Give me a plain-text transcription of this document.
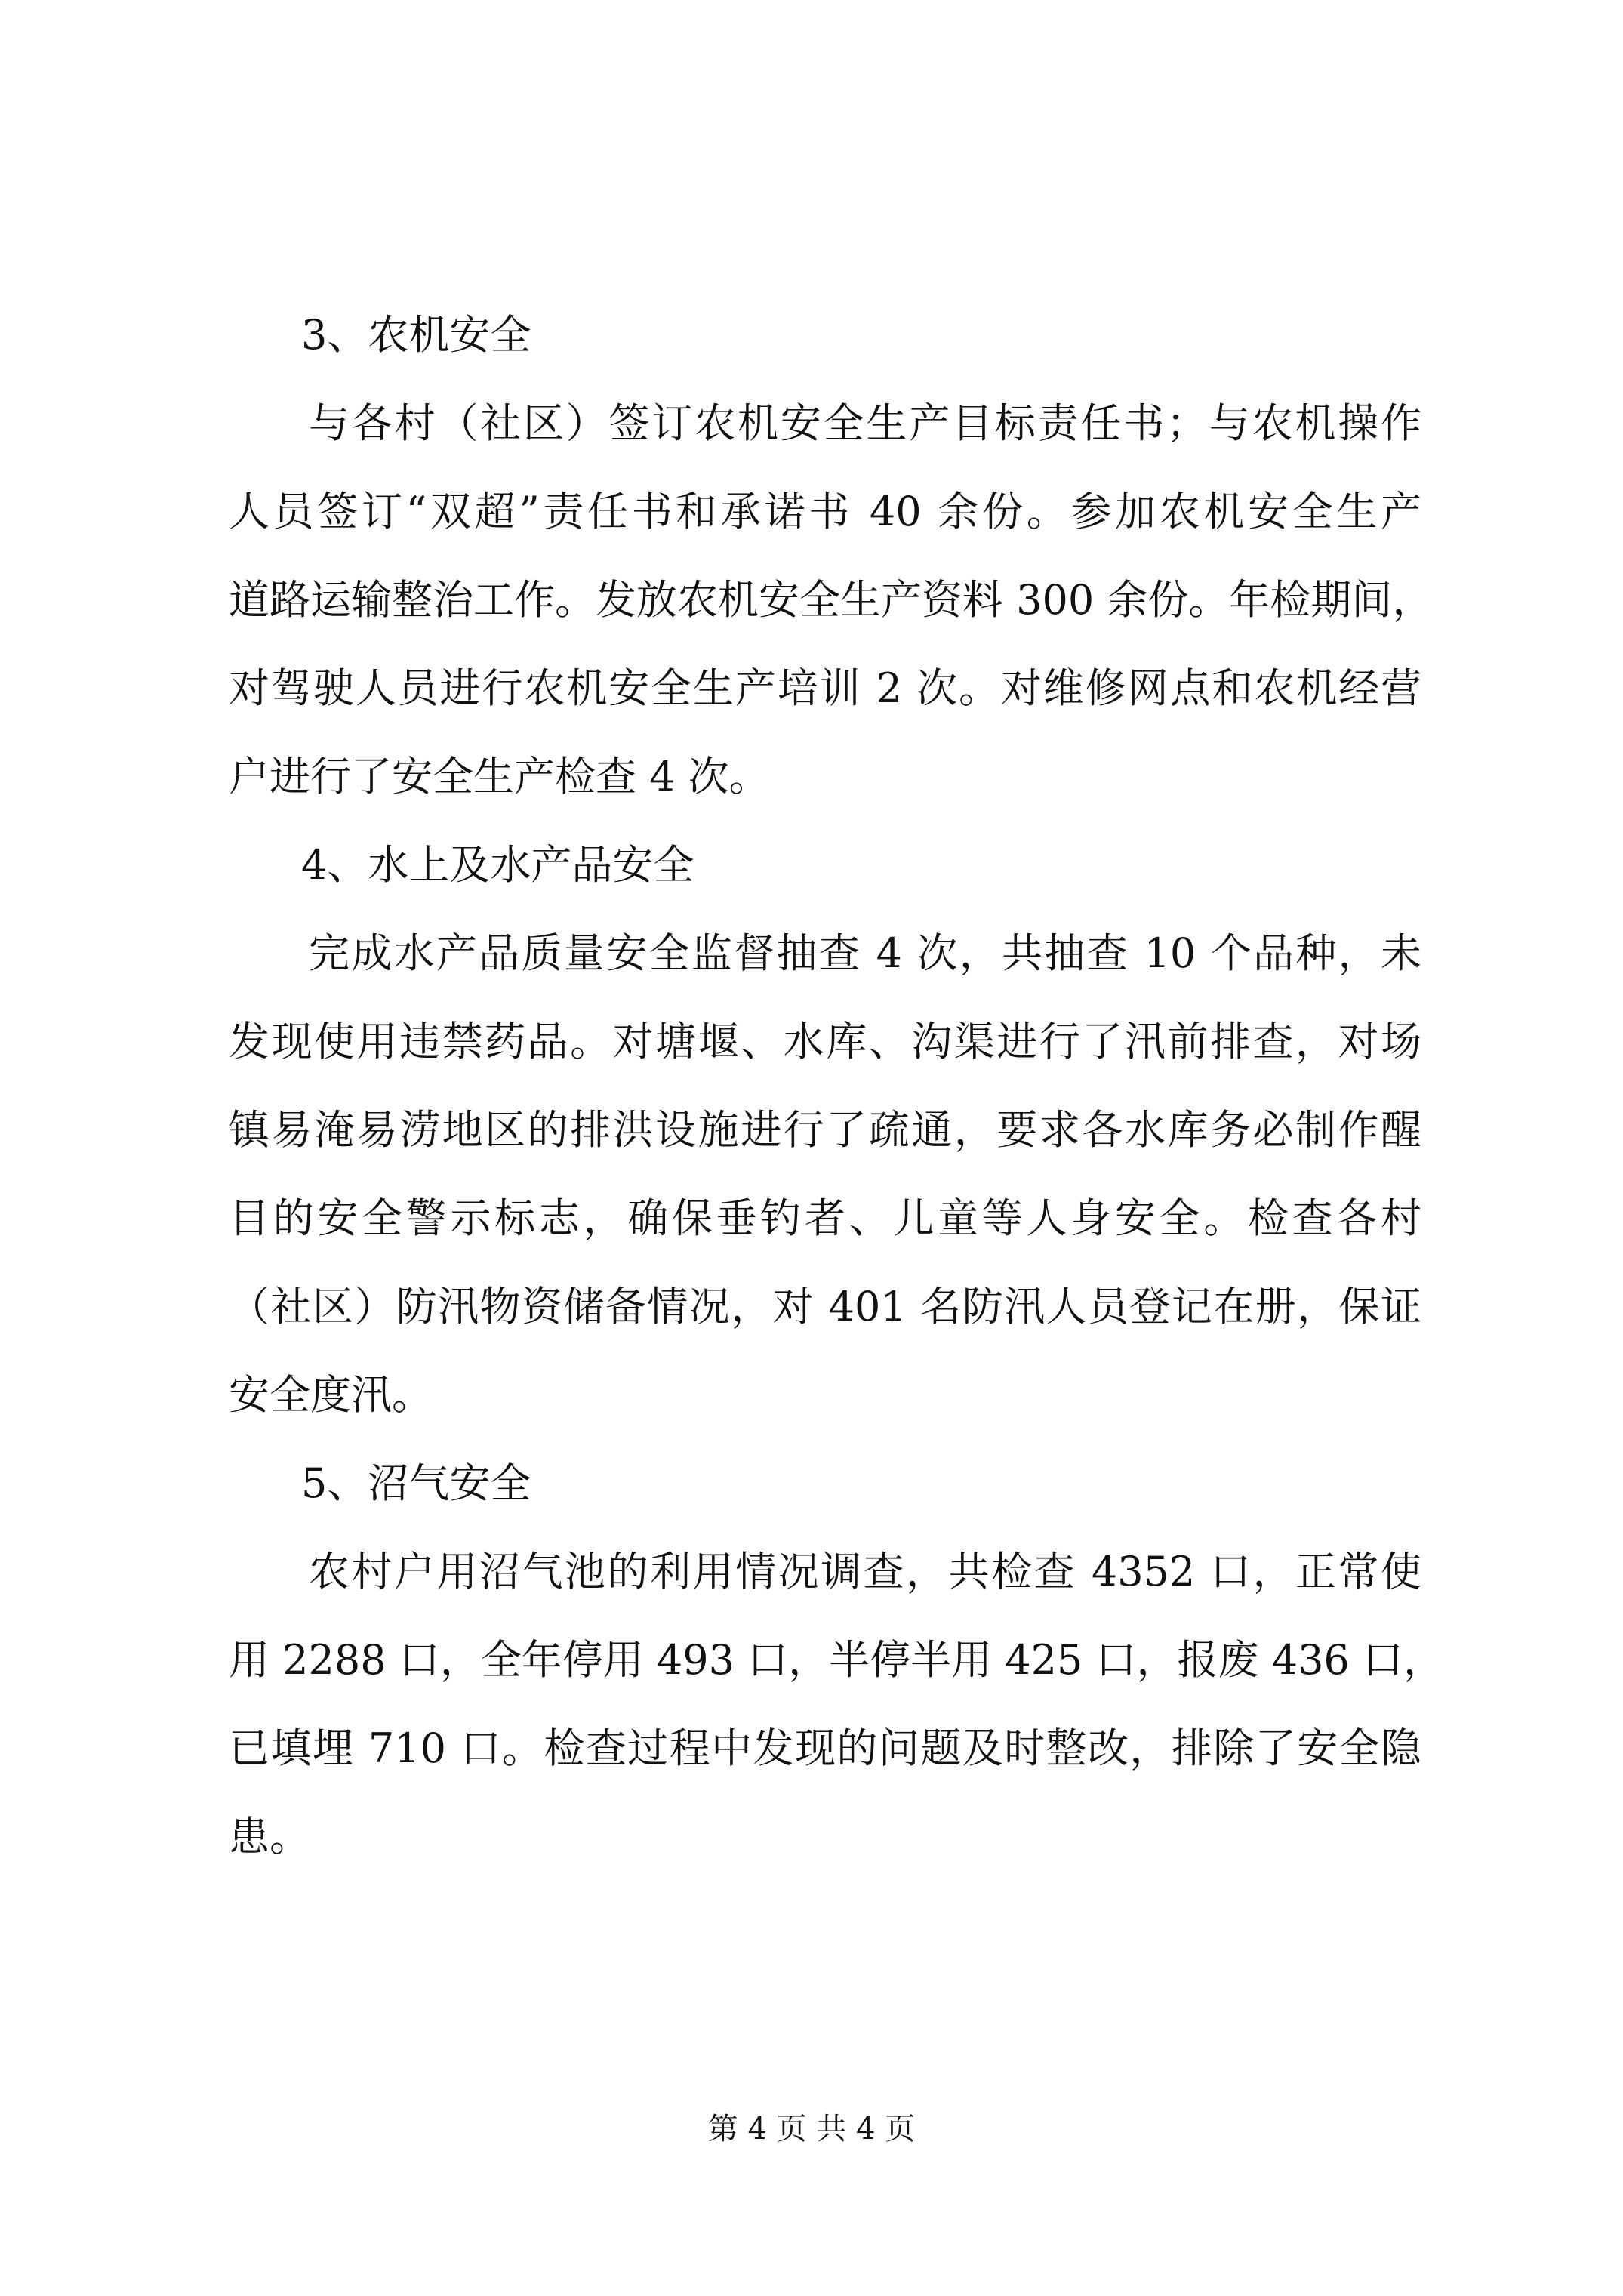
3、农机安全
与各村（社区）签订农机安全生产目标责任书；与农机操作
人员签订“双超”责任书和承诺书 40 余份。参加农机安全生产
道路运输整治工作。发放农机安全生产资料 300 余份。年检期间，
对驾驶人员进行农机安全生产培训 2 次。对维修网点和农机经营
户进行了安全生产检查 4 次。
4、水上及水产品安全
完成水产品质量安全监督抽查 4 次，共抽查 10 个品种，未
发现使用违禁药品。对塘堰、水库、沟渠进行了汛前排查，对场
镇易淹易涝地区的排洪设施进行了疏通，要求各水库务必制作醒
目的安全警示标志，确保垂钓者、儿童等人身安全。检查各村
（社区）防汛物资储备情况，对 401 名防汛人员登记在册，保证
安全度汛。
5、沼气安全
农村户用沼气池的利用情况调查，共检查 4352 口，正常使
用 2288 口，全年停用 493 口，半停半用 425 口，报废 436 口，
已填埋 710 口。检查过程中发现的问题及时整改，排除了安全隐
患。
第 4 页 共 4 页
